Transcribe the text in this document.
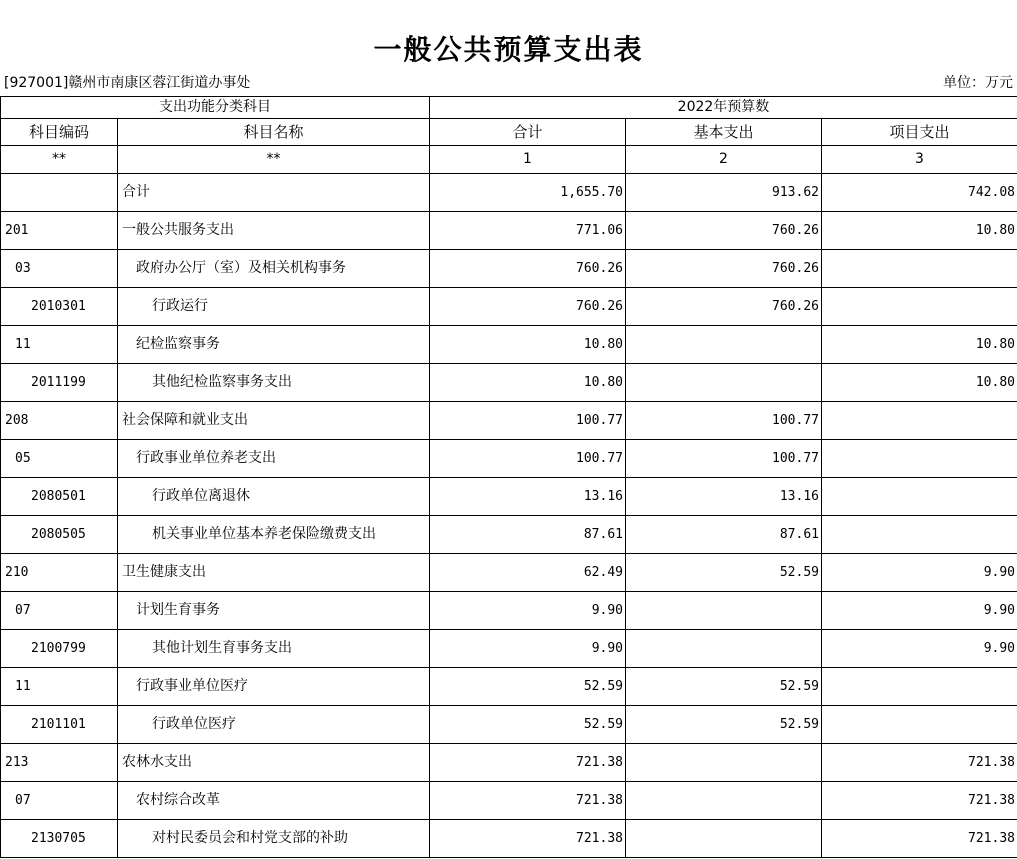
一般公共预算支出表
[927001]赣州市南康区蓉江街道办事处	单位：万元
支出功能分类科目		2022年预算数		
科目编码	科目名称	合计	基本支出	项目支出
**	**	1	2	3
	合计	1,655.70	913.62	742.08
201	一般公共服务支出	771.06	760.26	10.80
03	政府办公厅（室）及相关机构事务	760.26	760.26	
2010301	行政运行	760.26	760.26	
11	纪检监察事务	10.80		10.80
2011199	其他纪检监察事务支出	10.80		10.80
208	社会保障和就业支出	100.77	100.77	
05	行政事业单位养老支出	100.77	100.77	
2080501	行政单位离退休	13.16	13.16	
2080505	机关事业单位基本养老保险缴费支出	87.61	87.61	
210	卫生健康支出	62.49	52.59	9.90
07	计划生育事务	9.90		9.90
2100799	其他计划生育事务支出	9.90		9.90
11	行政事业单位医疗	52.59	52.59	
2101101	行政单位医疗	52.59	52.59	
213	农林水支出	721.38		721.38
07	农村综合改革	721.38		721.38
2130705	对村民委员会和村党支部的补助	721.38		721.38
